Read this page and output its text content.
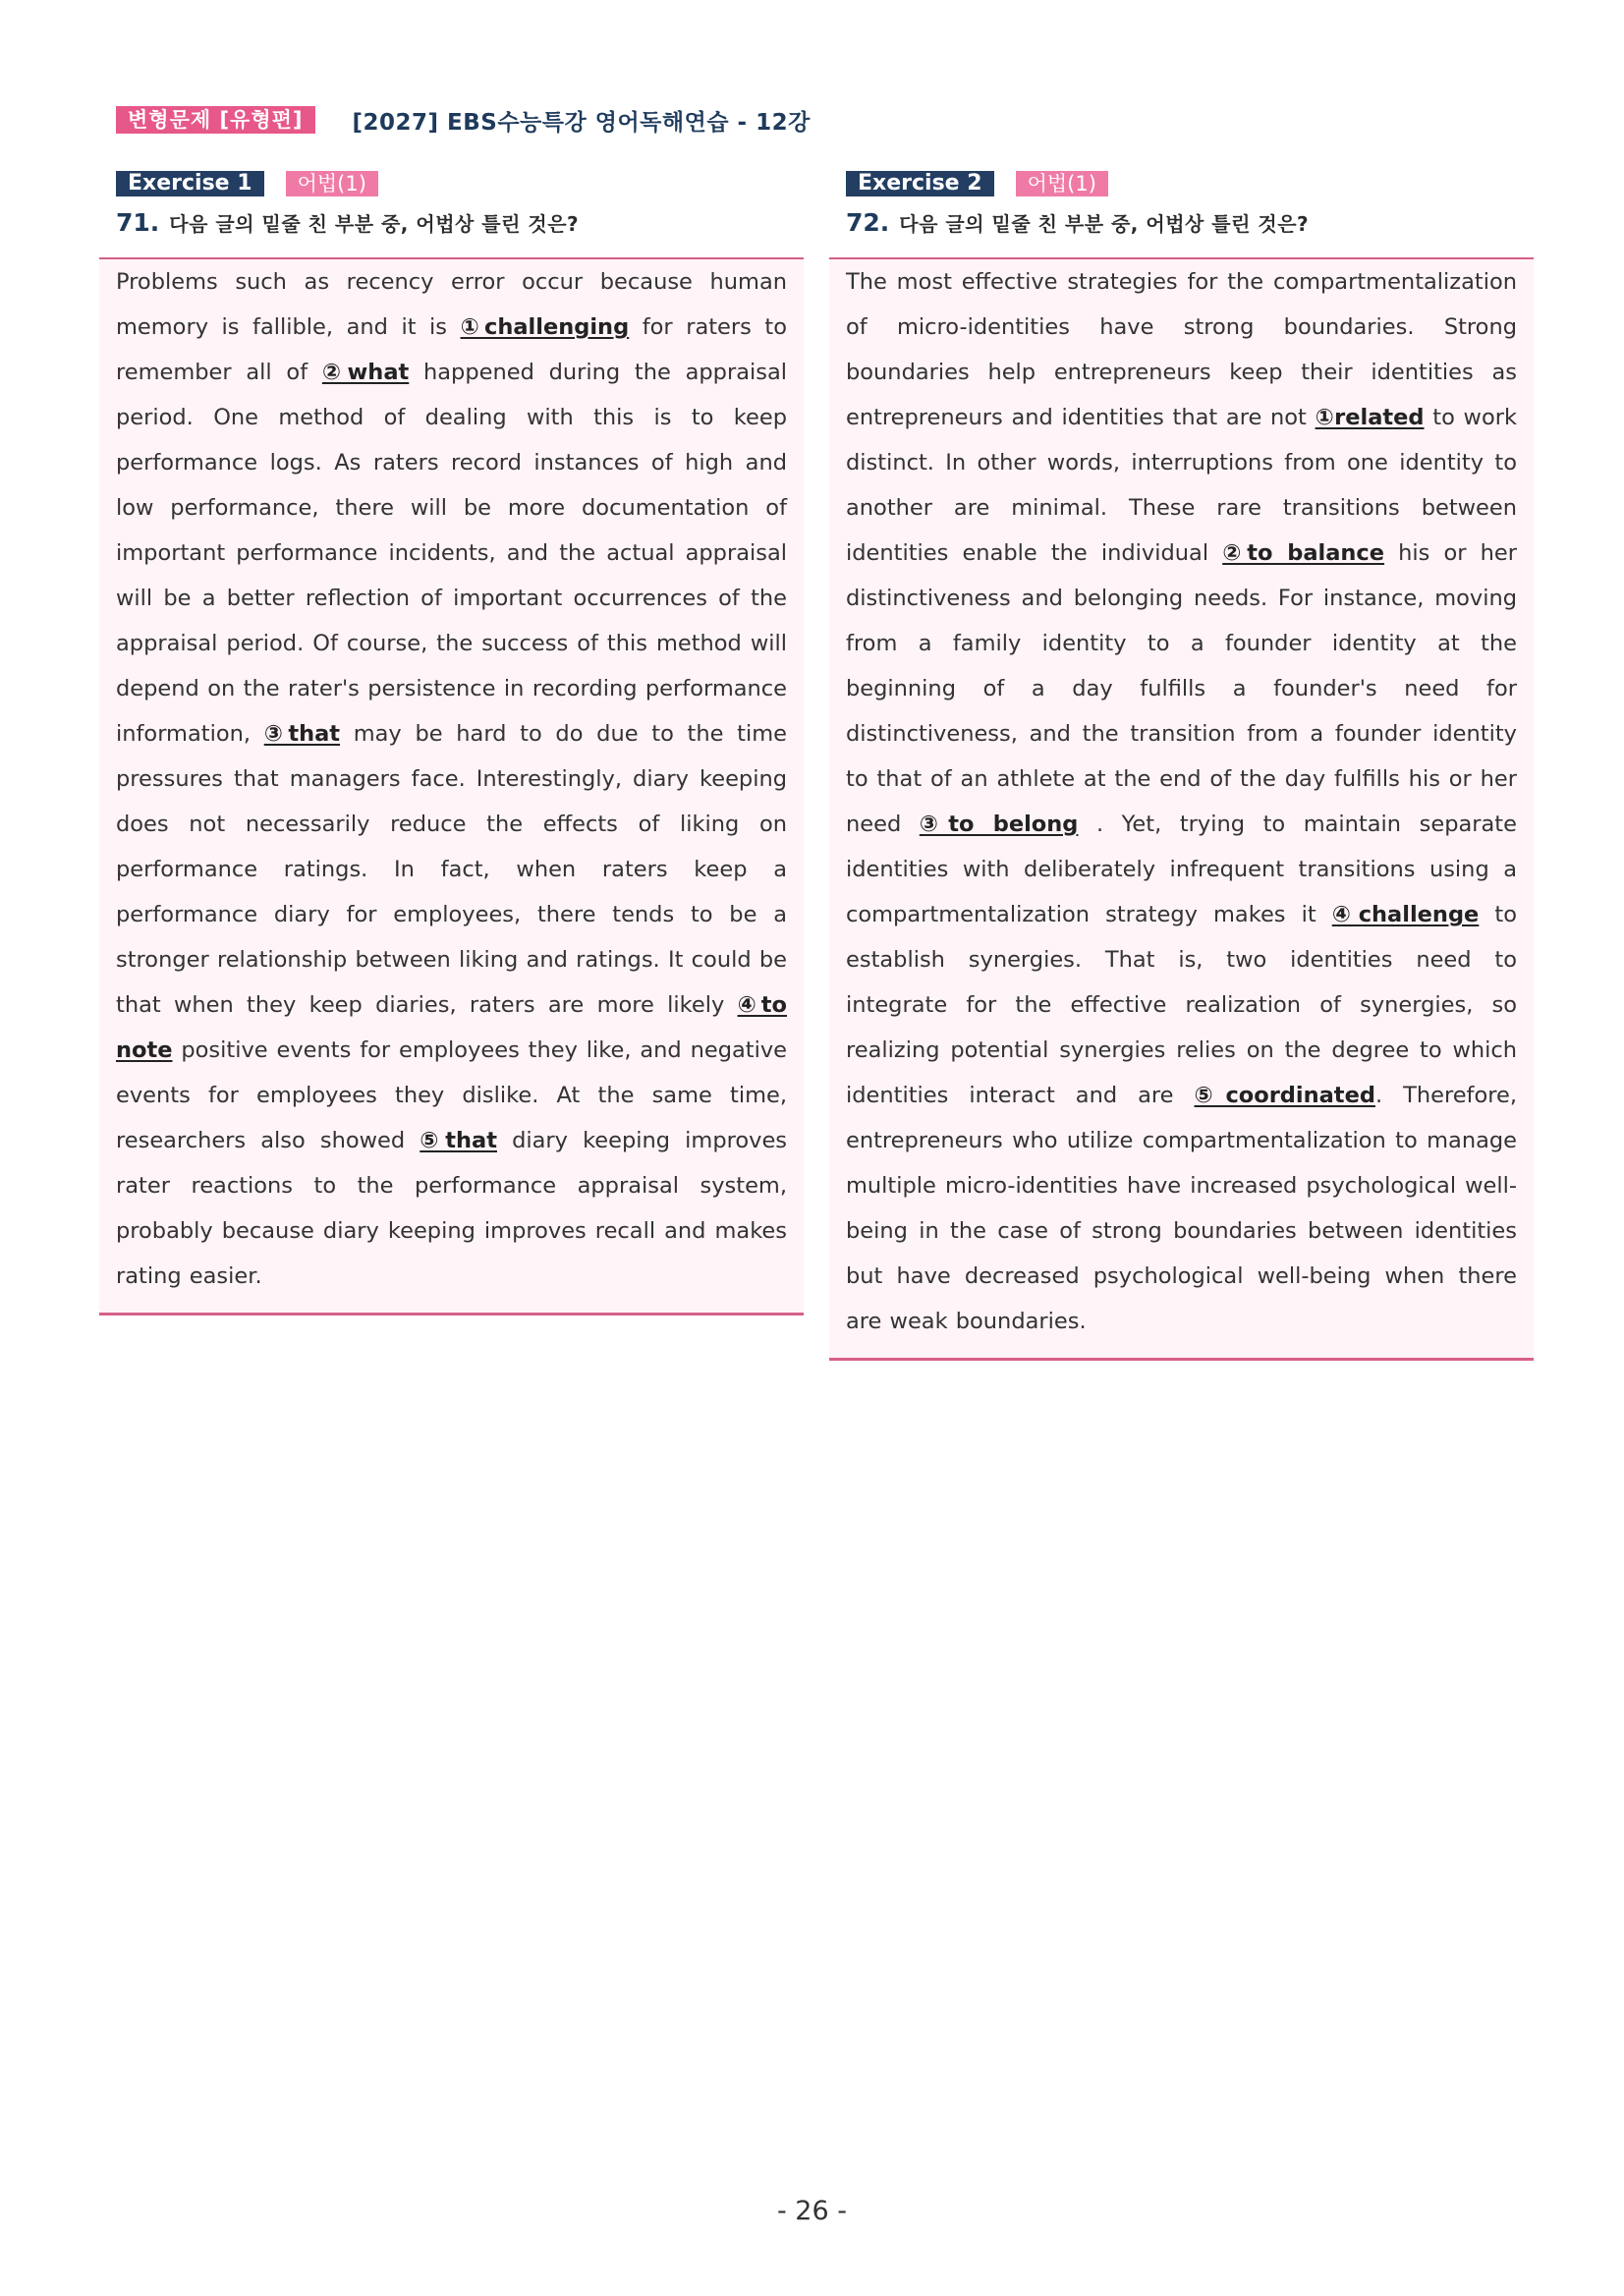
변형문제 [유형편]	[2027] EBS수능특강 영어독해연습 - 12강
Exercise 1	어법(1)
71. 다음 글의 밑줄 친 부분 중, 어법상 틀린 것은?

Problems such as recency error occur because human memory is fallible, and it is ①challenging for raters to remember all of ②what happened during the appraisal period. One method of dealing with this is to keep performance logs. As raters record instances of high and low performance, there will be more documentation of important performance incidents, and the actual appraisal will be a better reflection of important occurrences of the appraisal period. Of course, the success of this method will depend on the rater's persistence in recording performance information, ③that may be hard to do due to the time pressures that managers face. Interestingly, diary keeping does not necessarily reduce the effects of liking on performance ratings. In fact, when raters keep a performance diary for employees, there tends to be a stronger relationship between liking and ratings. It could be that when they keep diaries, raters are more likely ④to note positive events for employees they like, and negative events for employees they dislike. At the same time, researchers also showed ⑤that diary keeping improves rater reactions to the performance appraisal system, probably because diary keeping improves recall and makes rating easier.

Exercise 2	어법(1)
72. 다음 글의 밑줄 친 부분 중, 어법상 틀린 것은?

The most effective strategies for the compartmentalization of micro-identities have strong boundaries. Strong boundaries help entrepreneurs keep their identities as entrepreneurs and identities that are not ①related to work distinct. In other words, interruptions from one identity to another are minimal. These rare transitions between identities enable the individual ②to balance his or her distinctiveness and belonging needs. For instance, moving from a family identity to a founder identity at the beginning of a day fulfills a founder's need for distinctiveness, and the transition from a founder identity to that of an athlete at the end of the day fulfills his or her need ③to belong . Yet, trying to maintain separate identities with deliberately infrequent transitions using a compartmentalization strategy makes it ④challenge to establish synergies. That is, two identities need to integrate for the effective realization of synergies, so realizing potential synergies relies on the degree to which identities interact and are ⑤coordinated. Therefore, entrepreneurs who utilize compartmentalization to manage multiple micro-identities have increased psychological well-being in the case of strong boundaries between identities but have decreased psychological well-being when there are weak boundaries.

- 26 -
